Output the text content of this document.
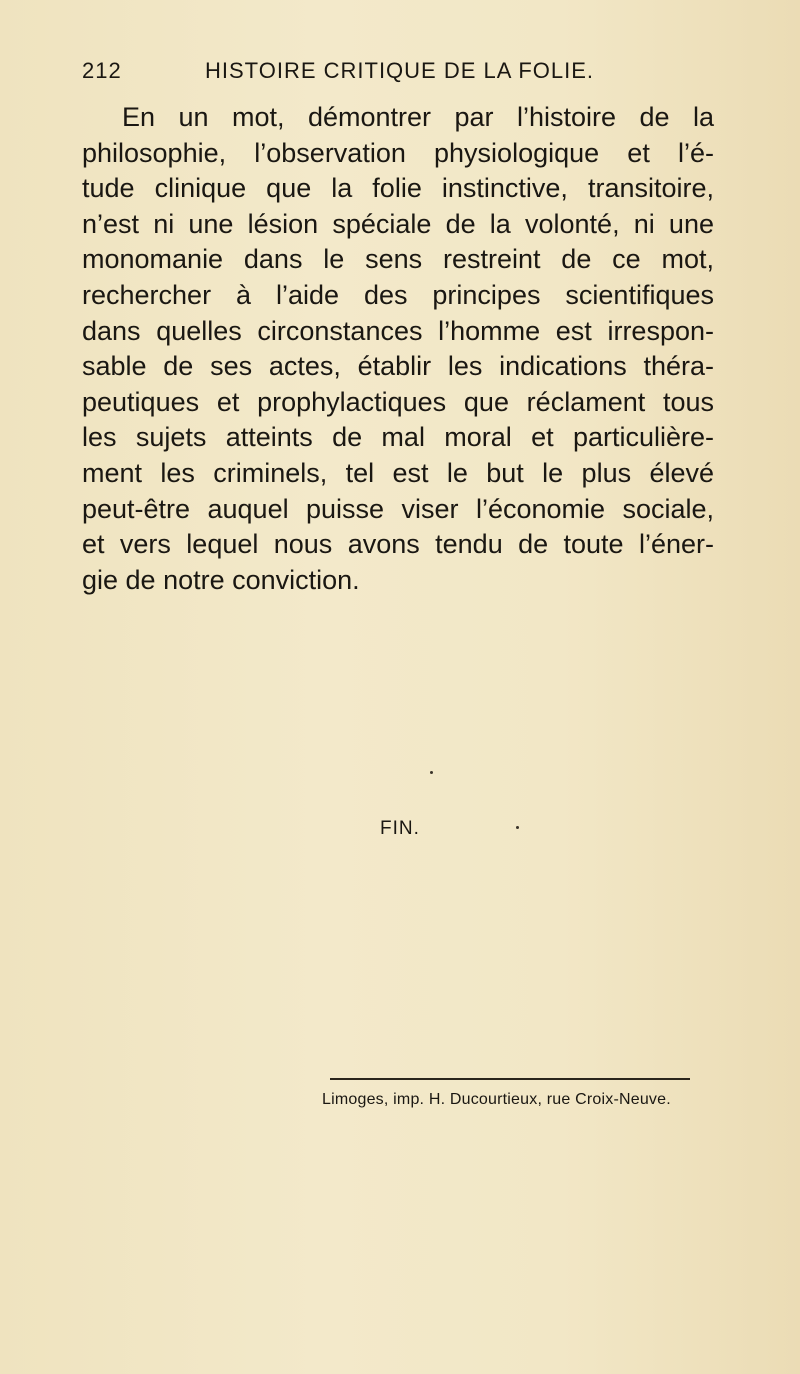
212	HISTOIRE CRITIQUE DE LA FOLIE.
En un mot, démontrer par l’histoire de la
philosophie, l’observation physiologique et l’é-
tude clinique que la folie instinctive, transitoire,
n’est ni une lésion spéciale de la volonté, ni une
monomanie dans le sens restreint de ce mot,
rechercher à l’aide des principes scientifiques
dans quelles circonstances l’homme est irrespon-
sable de ses actes, établir les indications théra-
peutiques et prophylactiques que réclament tous
les sujets atteints de mal moral et particulière-
ment les criminels, tel est le but le plus élevé
peut-être auquel puisse viser l’économie sociale,
et vers lequel nous avons tendu de toute l’éner-
gie de notre conviction.
FIN.
Limoges, imp. H. Ducourtieux, rue Croix-Neuve.
